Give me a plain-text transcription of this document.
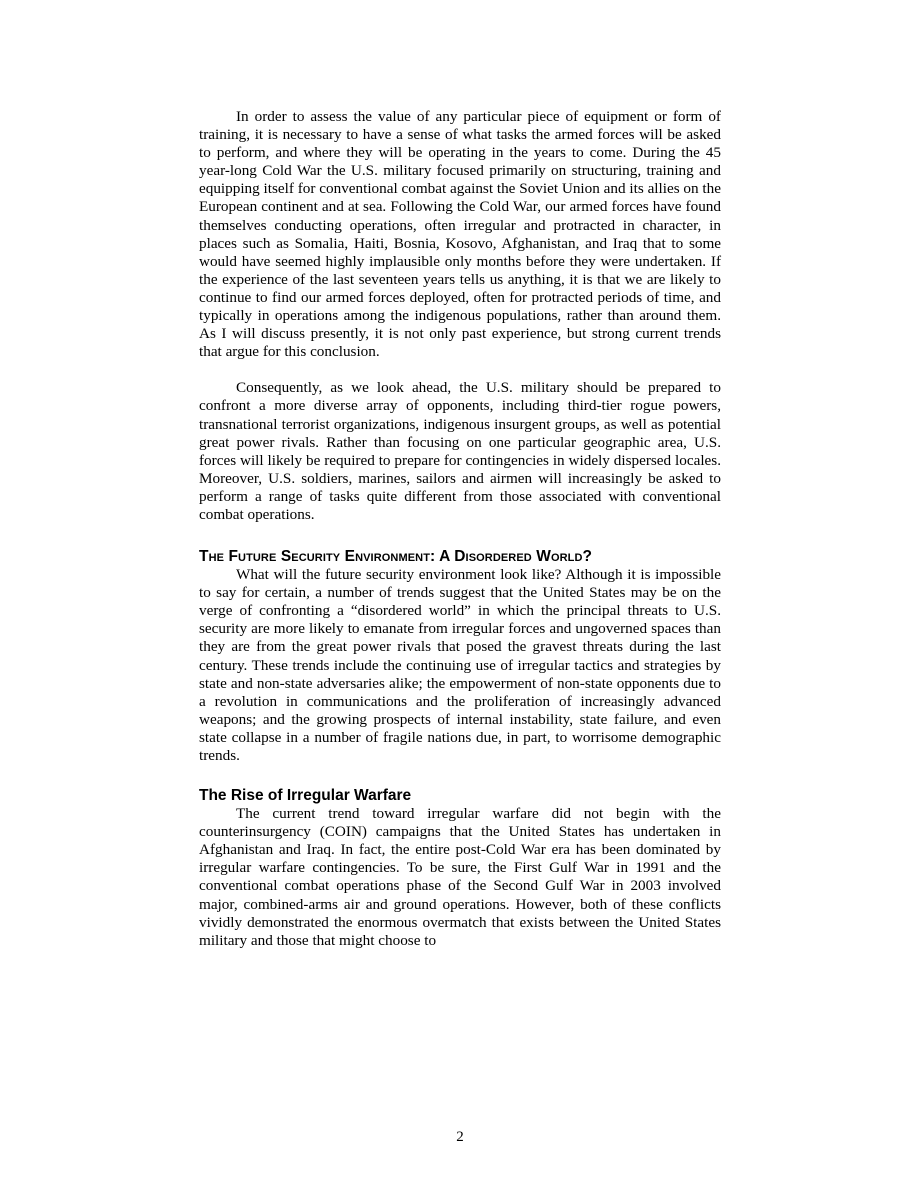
In order to assess the value of any particular piece of equipment or form of training, it is necessary to have a sense of what tasks the armed forces will be asked to perform, and where they will be operating in the years to come. During the 45 year-long Cold War the U.S. military focused primarily on structuring, training and equipping itself for conventional combat against the Soviet Union and its allies on the European continent and at sea. Following the Cold War, our armed forces have found themselves conducting operations, often irregular and protracted in character, in places such as Somalia, Haiti, Bosnia, Kosovo, Afghanistan, and Iraq that to some would have seemed highly implausible only months before they were undertaken. If the experience of the last seventeen years tells us anything, it is that we are likely to continue to find our armed forces deployed, often for protracted periods of time, and typically in operations among the indigenous populations, rather than around them. As I will discuss presently, it is not only past experience, but strong current trends that argue for this conclusion.

Consequently, as we look ahead, the U.S. military should be prepared to confront a more diverse array of opponents, including third-tier rogue powers, transnational terrorist organizations, indigenous insurgent groups, as well as potential great power rivals. Rather than focusing on one particular geographic area, U.S. forces will likely be required to prepare for contingencies in widely dispersed locales. Moreover, U.S. soldiers, marines, sailors and airmen will increasingly be asked to perform a range of tasks quite different from those associated with conventional combat operations.

The Future Security Environment: A Disordered World?

What will the future security environment look like? Although it is impossible to say for certain, a number of trends suggest that the United States may be on the verge of confronting a “disordered world” in which the principal threats to U.S. security are more likely to emanate from irregular forces and ungoverned spaces than they are from the great power rivals that posed the gravest threats during the last century. These trends include the continuing use of irregular tactics and strategies by state and non-state adversaries alike; the empowerment of non-state opponents due to a revolution in communications and the proliferation of increasingly advanced weapons; and the growing prospects of internal instability, state failure, and even state collapse in a number of fragile nations due, in part, to worrisome demographic trends.

The Rise of Irregular Warfare

The current trend toward irregular warfare did not begin with the counterinsurgency (COIN) campaigns that the United States has undertaken in Afghanistan and Iraq. In fact, the entire post-Cold War era has been dominated by irregular warfare contingencies. To be sure, the First Gulf War in 1991 and the conventional combat operations phase of the Second Gulf War in 2003 involved major, combined-arms air and ground operations. However, both of these conflicts vividly demonstrated the enormous overmatch that exists between the United States military and those that might choose to

2
